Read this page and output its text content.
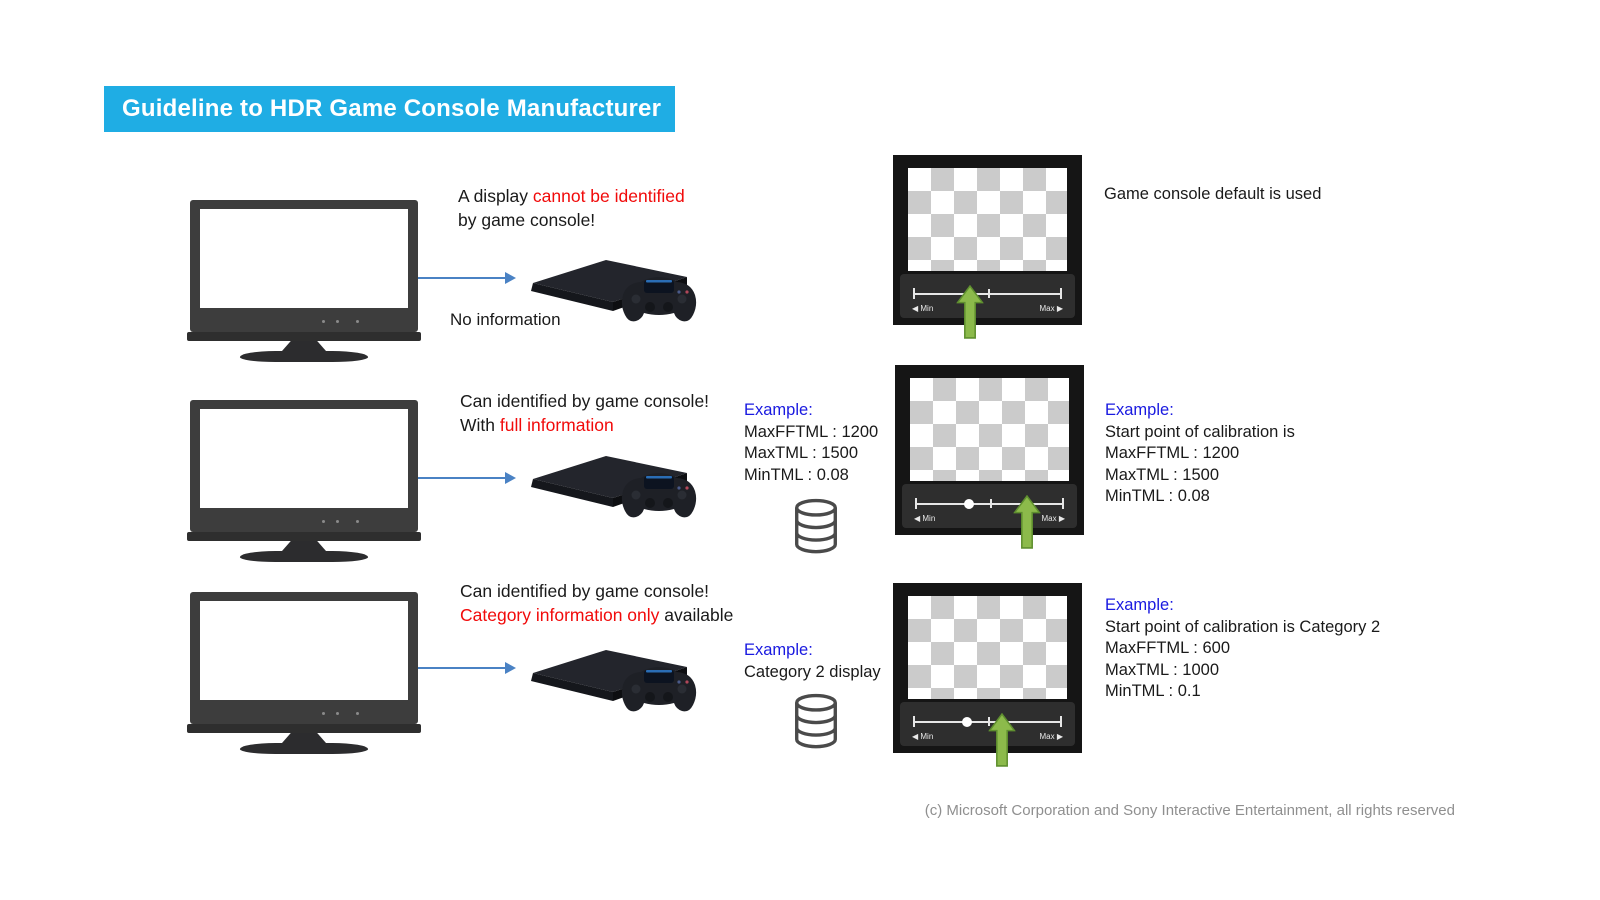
Guideline to HDR Game Console Manufacturer
A display cannot be identified
by game console!
No information
◀ Min	Max ▶
Game console default is used
Can identified by game console!
With full information
Example:
MaxFFTML : 1200
MaxTML : 1500
MinTML : 0.08
◀ Min	Max ▶
Example:
Start point of calibration is
MaxFFTML : 1200
MaxTML : 1500
MinTML : 0.08
Can identified by game console!
Category information only available
Example:
Category 2 display
◀ Min	Max ▶
Example:
Start point of calibration is Category 2
MaxFFTML : 600
MaxTML : 1000
MinTML : 0.1
(c) Microsoft Corporation and Sony Interactive Entertainment, all rights reserved
